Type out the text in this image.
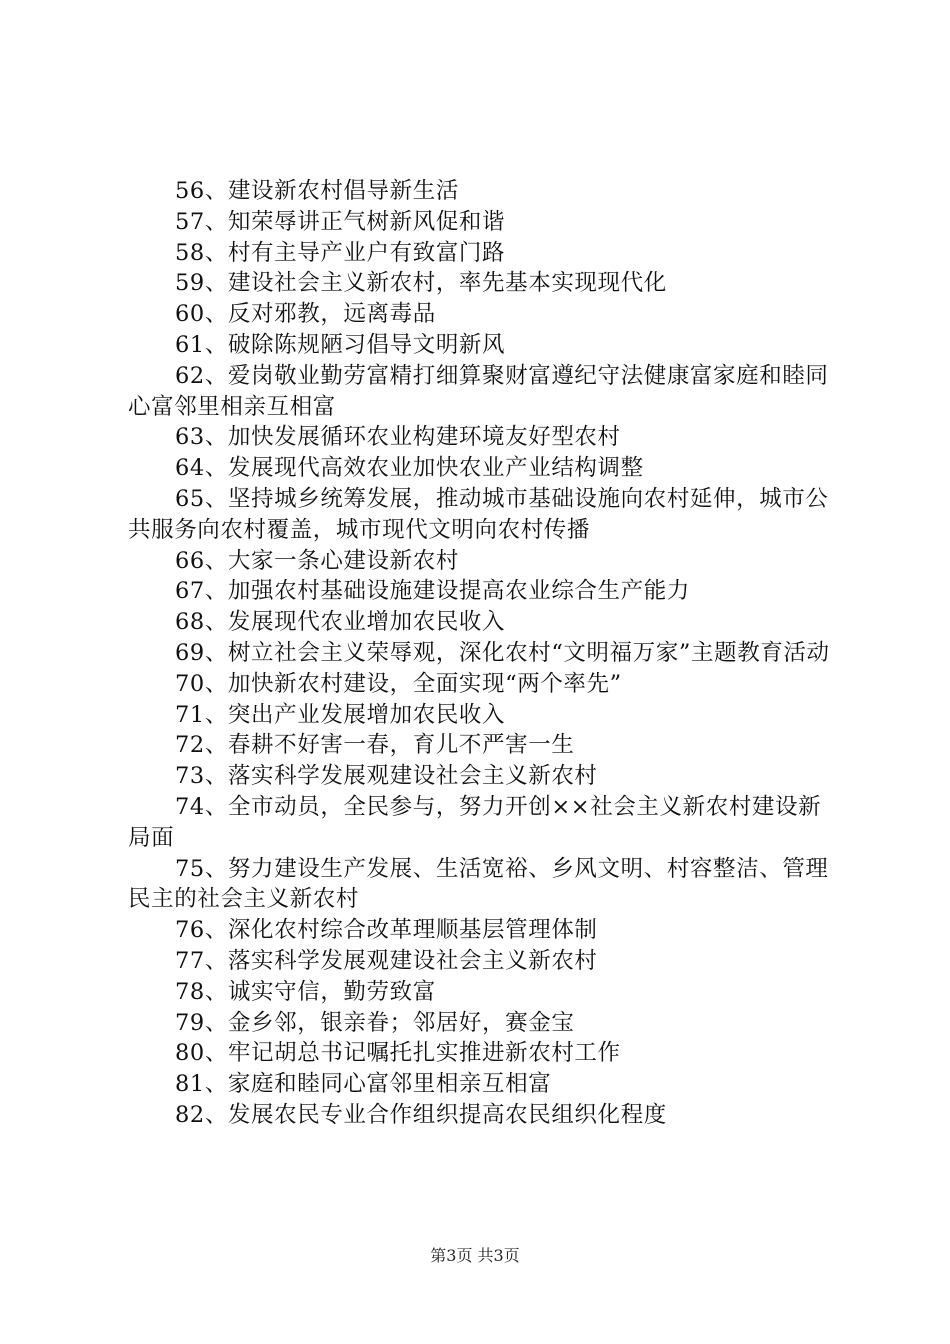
56、建设新农村倡导新生活

57、知荣辱讲正气树新风促和谐

58、村有主导产业户有致富门路

59、建设社会主义新农村，率先基本实现现代化

60、反对邪教，远离毒品

61、破除陈规陋习倡导文明新风

62、爱岗敬业勤劳富精打细算聚财富遵纪守法健康富家庭和睦同心富邻里相亲互相富

63、加快发展循环农业构建环境友好型农村

64、发展现代高效农业加快农业产业结构调整

65、坚持城乡统筹发展，推动城市基础设施向农村延伸，城市公共服务向农村覆盖，城市现代文明向农村传播

66、大家一条心建设新农村

67、加强农村基础设施建设提高农业综合生产能力

68、发展现代农业增加农民收入

69、树立社会主义荣辱观，深化农村“文明福万家”主题教育活动

70、加快新农村建设，全面实现“两个率先”

71、突出产业发展增加农民收入

72、春耕不好害一春，育儿不严害一生

73、落实科学发展观建设社会主义新农村

74、全市动员，全民参与，努力开创××社会主义新农村建设新局面

75、努力建设生产发展、生活宽裕、乡风文明、村容整洁、管理民主的社会主义新农村

76、深化农村综合改革理顺基层管理体制

77、落实科学发展观建设社会主义新农村

78、诚实守信，勤劳致富

79、金乡邻，银亲眷；邻居好，赛金宝

80、牢记胡总书记嘱托扎实推进新农村工作

81、家庭和睦同心富邻里相亲互相富

82、发展农民专业合作组织提高农民组织化程度

第3页 共3页
